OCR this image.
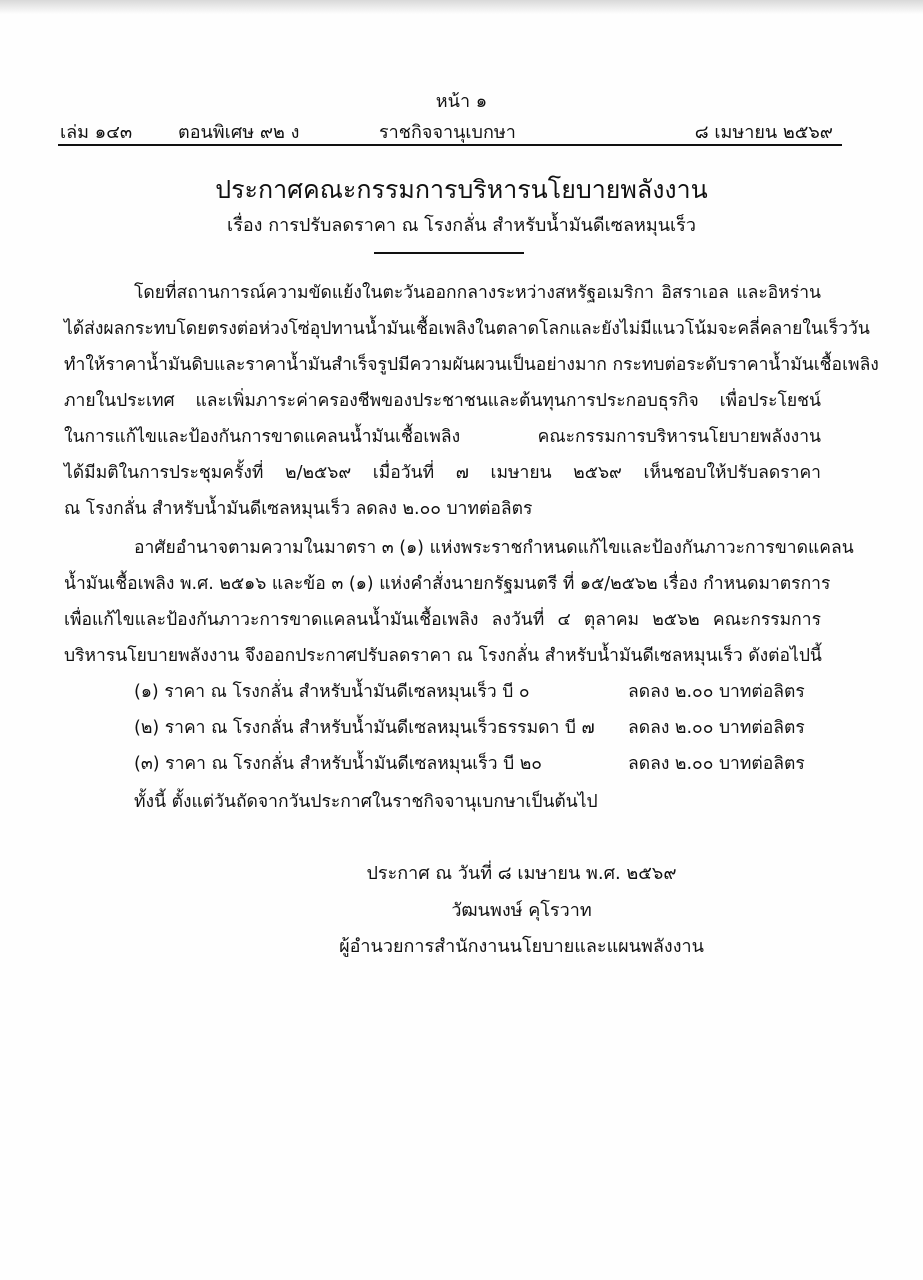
หน้า ๑
เล่ม ๑๔๓	ตอนพิเศษ ๙๒ ง	ราชกิจจานุเบกษา	๘ เมษายน ๒๕๖๙
ประกาศคณะกรรมการบริหารนโยบายพลังงาน
เรื่อง การปรับลดราคา ณ โรงกลั่น สำหรับน้ำมันดีเซลหมุนเร็ว
โดยที่สถานการณ์ความขัดแย้งในตะวันออกกลางระหว่างสหรัฐอเมริกา อิสราเอล และอิหร่าน
ได้ส่งผลกระทบโดยตรงต่อห่วงโซ่อุปทานน้ำมันเชื้อเพลิงในตลาดโลกและยังไม่มีแนวโน้มจะคลี่คลายในเร็ววัน
ทำให้ราคาน้ำมันดิบและราคาน้ำมันสำเร็จรูปมีความผันผวนเป็นอย่างมาก กระทบต่อระดับราคาน้ำมันเชื้อเพลิง
ภายในประเทศ และเพิ่มภาระค่าครองชีพของประชาชนและต้นทุนการประกอบธุรกิจ เพื่อประโยชน์
ในการแก้ไขและป้องกันการขาดแคลนน้ำมันเชื้อเพลิง คณะกรรมการบริหารนโยบายพลังงาน
ได้มีมติในการประชุมครั้งที่ ๒/๒๕๖๙ เมื่อวันที่ ๗ เมษายน ๒๕๖๙ เห็นชอบให้ปรับลดราคา
ณ โรงกลั่น สำหรับน้ำมันดีเซลหมุนเร็ว ลดลง ๒.๐๐ บาทต่อลิตร
อาศัยอำนาจตามความในมาตรา ๓ (๑) แห่งพระราชกำหนดแก้ไขและป้องกันภาวะการขาดแคลน
น้ำมันเชื้อเพลิง พ.ศ. ๒๕๑๖ และข้อ ๓ (๑) แห่งคำสั่งนายกรัฐมนตรี ที่ ๑๕/๒๕๖๒ เรื่อง กำหนดมาตรการ
เพื่อแก้ไขและป้องกันภาวะการขาดแคลนน้ำมันเชื้อเพลิง ลงวันที่ ๔ ตุลาคม ๒๕๖๒ คณะกรรมการ
บริหารนโยบายพลังงาน จึงออกประกาศปรับลดราคา ณ โรงกลั่น สำหรับน้ำมันดีเซลหมุนเร็ว ดังต่อไปนี้
(๑) ราคา ณ โรงกลั่น สำหรับน้ำมันดีเซลหมุนเร็ว บี ๐	ลดลง ๒.๐๐ บาทต่อลิตร
(๒) ราคา ณ โรงกลั่น สำหรับน้ำมันดีเซลหมุนเร็วธรรมดา บี ๗ ลดลง ๒.๐๐ บาทต่อลิตร
(๓) ราคา ณ โรงกลั่น สำหรับน้ำมันดีเซลหมุนเร็ว บี ๒๐	ลดลง ๒.๐๐ บาทต่อลิตร
ทั้งนี้ ตั้งแต่วันถัดจากวันประกาศในราชกิจจานุเบกษาเป็นต้นไป
ประกาศ ณ วันที่ ๘ เมษายน พ.ศ. ๒๕๖๙
วัฒนพงษ์ คุโรวาท
ผู้อำนวยการสำนักงานนโยบายและแผนพลังงาน
